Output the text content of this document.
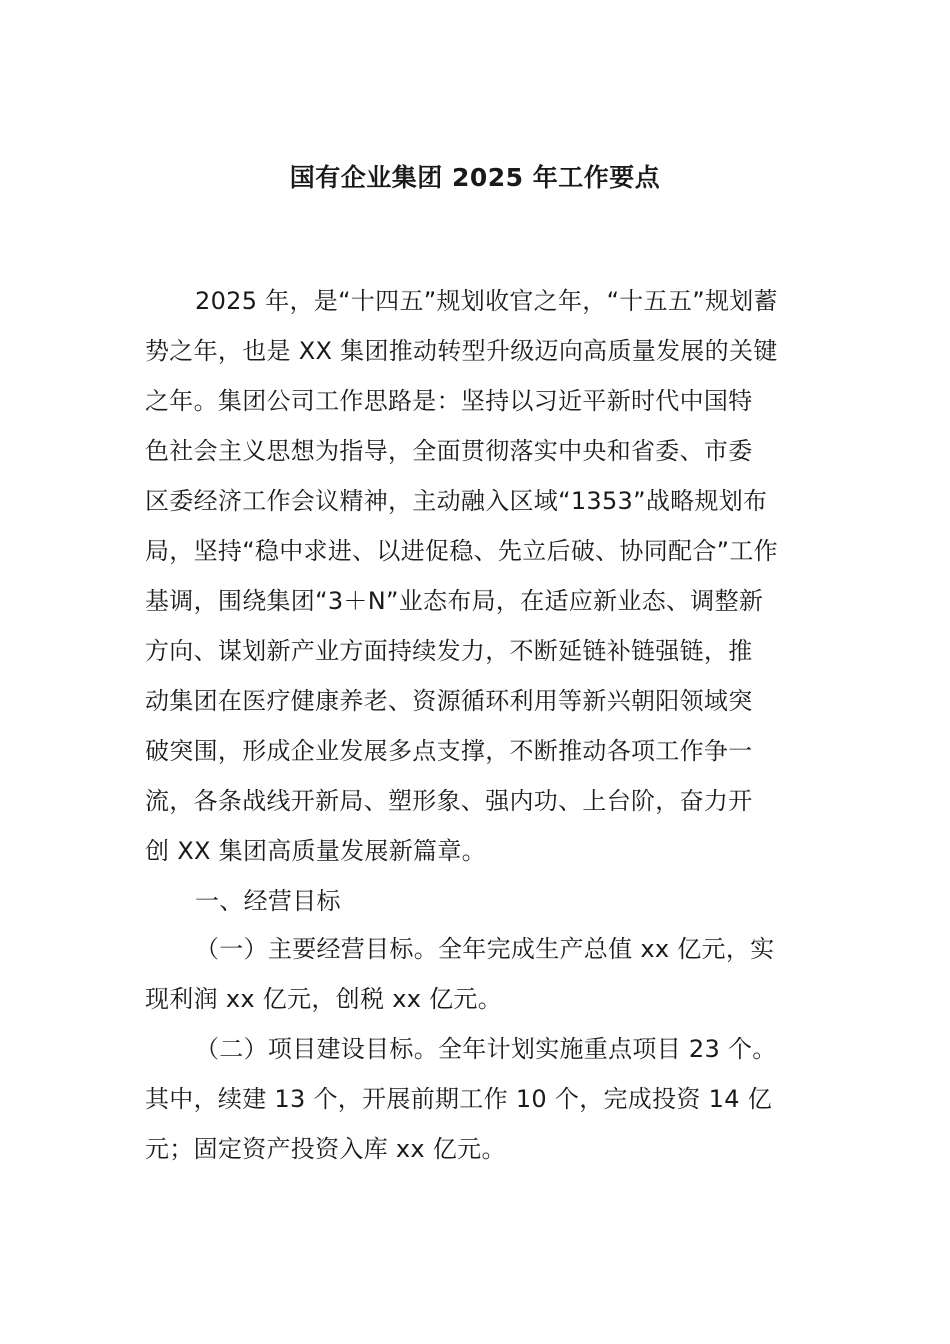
国有企业集团 2025 年工作要点
2025 年，是“十四五”规划收官之年，“十五五”规划蓄
势之年，也是 XX 集团推动转型升级迈向高质量发展的关键
之年。集团公司工作思路是：坚持以习近平新时代中国特
色社会主义思想为指导，全面贯彻落实中央和省委、市委
区委经济工作会议精神，主动融入区域“1353”战略规划布
局，坚持“稳中求进、以进促稳、先立后破、协同配合”工作
基调，围绕集团“3＋N”业态布局，在适应新业态、调整新
方向、谋划新产业方面持续发力，不断延链补链强链，推
动集团在医疗健康养老、资源循环利用等新兴朝阳领域突
破突围，形成企业发展多点支撑，不断推动各项工作争一
流，各条战线开新局、塑形象、强内功、上台阶，奋力开
创 XX 集团高质量发展新篇章。
一、经营目标
（一）主要经营目标。全年完成生产总值 xx 亿元，实
现利润 xx 亿元，创税 xx 亿元。
（二）项目建设目标。全年计划实施重点项目 23 个。
其中，续建 13 个，开展前期工作 10 个，完成投资 14 亿
元；固定资产投资入库 xx 亿元。
